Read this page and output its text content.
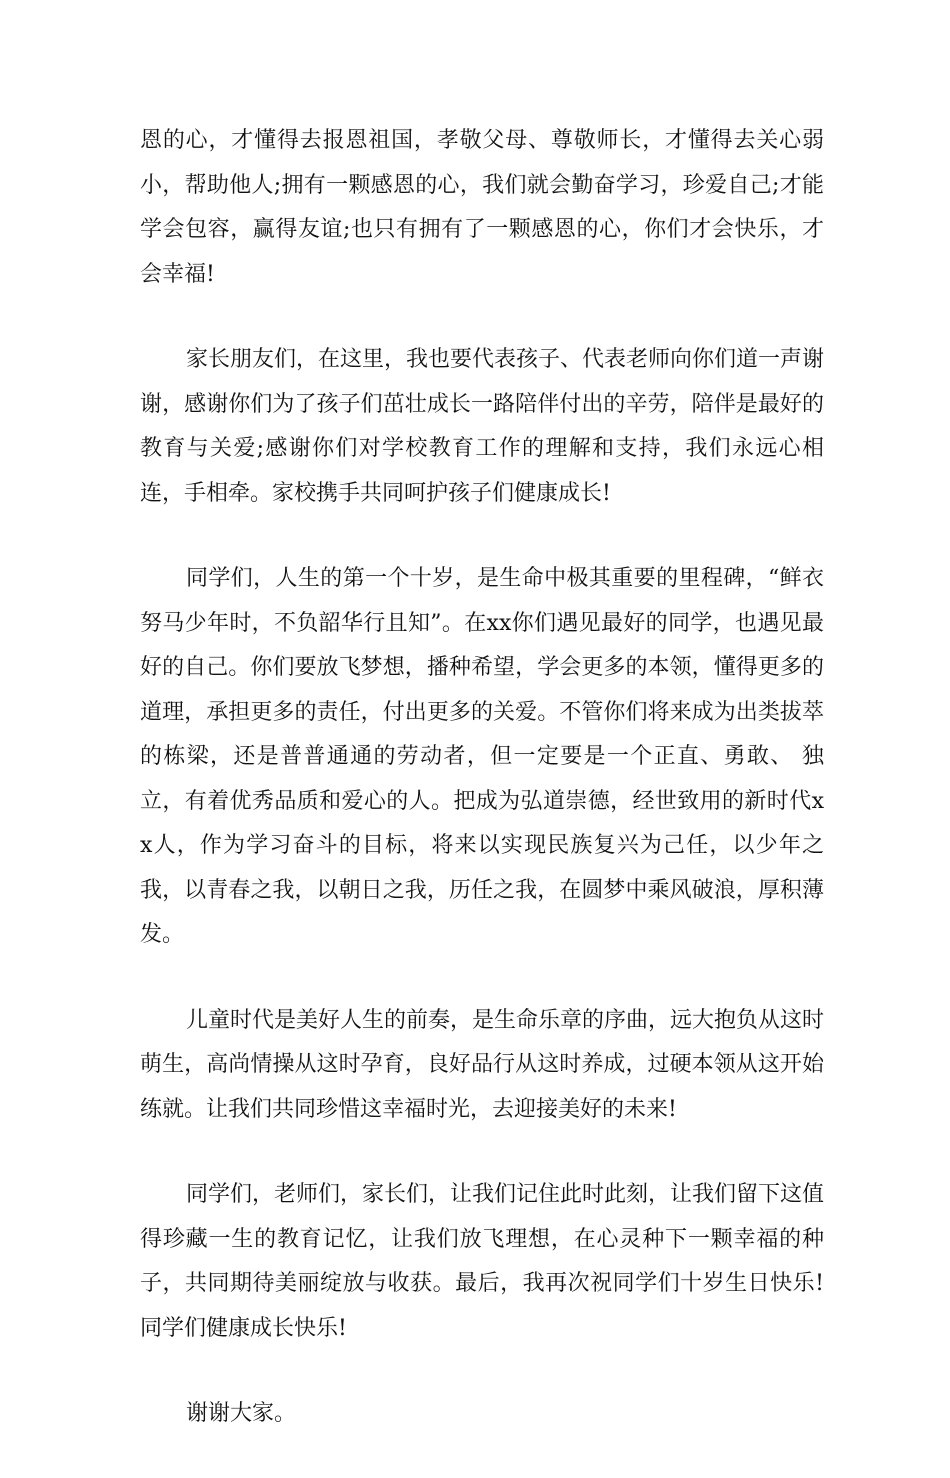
恩的心，才懂得去报恩祖国，孝敬父母、尊敬师长，才懂得去关心弱小，帮助他人;拥有一颗感恩的心，我们就会勤奋学习，珍爱自己;才能学会包容，赢得友谊;也只有拥有了一颗感恩的心，你们才会快乐，才会幸福!

家长朋友们，在这里，我也要代表孩子、代表老师向你们道一声谢谢，感谢你们为了孩子们茁壮成长一路陪伴付出的辛劳，陪伴是最好的教育与关爱;感谢你们对学校教育工作的理解和支持，我们永远心相连，手相牵。家校携手共同呵护孩子们健康成长!

同学们，人生的第一个十岁，是生命中极其重要的里程碑，“鲜衣努马少年时，不负韶华行且知”。在xx你们遇见最好的同学，也遇见最好的自己。你们要放飞梦想，播种希望，学会更多的本领，懂得更多的道理，承担更多的责任，付出更多的关爱。不管你们将来成为出类拔萃的栋梁，还是普普通通的劳动者，但一定要是一个正直、勇敢、 独立，有着优秀品质和爱心的人。把成为弘道崇德，经世致用的新时代xx人，作为学习奋斗的目标，将来以实现民族复兴为己任，以少年之我，以青春之我，以朝日之我，历任之我，在圆梦中乘风破浪，厚积薄发。

儿童时代是美好人生的前奏，是生命乐章的序曲，远大抱负从这时萌生，高尚情操从这时孕育，良好品行从这时养成，过硬本领从这开始练就。让我们共同珍惜这幸福时光，去迎接美好的未来!

同学们，老师们，家长们，让我们记住此时此刻，让我们留下这值得珍藏一生的教育记忆，让我们放飞理想，在心灵种下一颗幸福的种子，共同期待美丽绽放与收获。最后，我再次祝同学们十岁生日快乐!同学们健康成长快乐!

谢谢大家。
